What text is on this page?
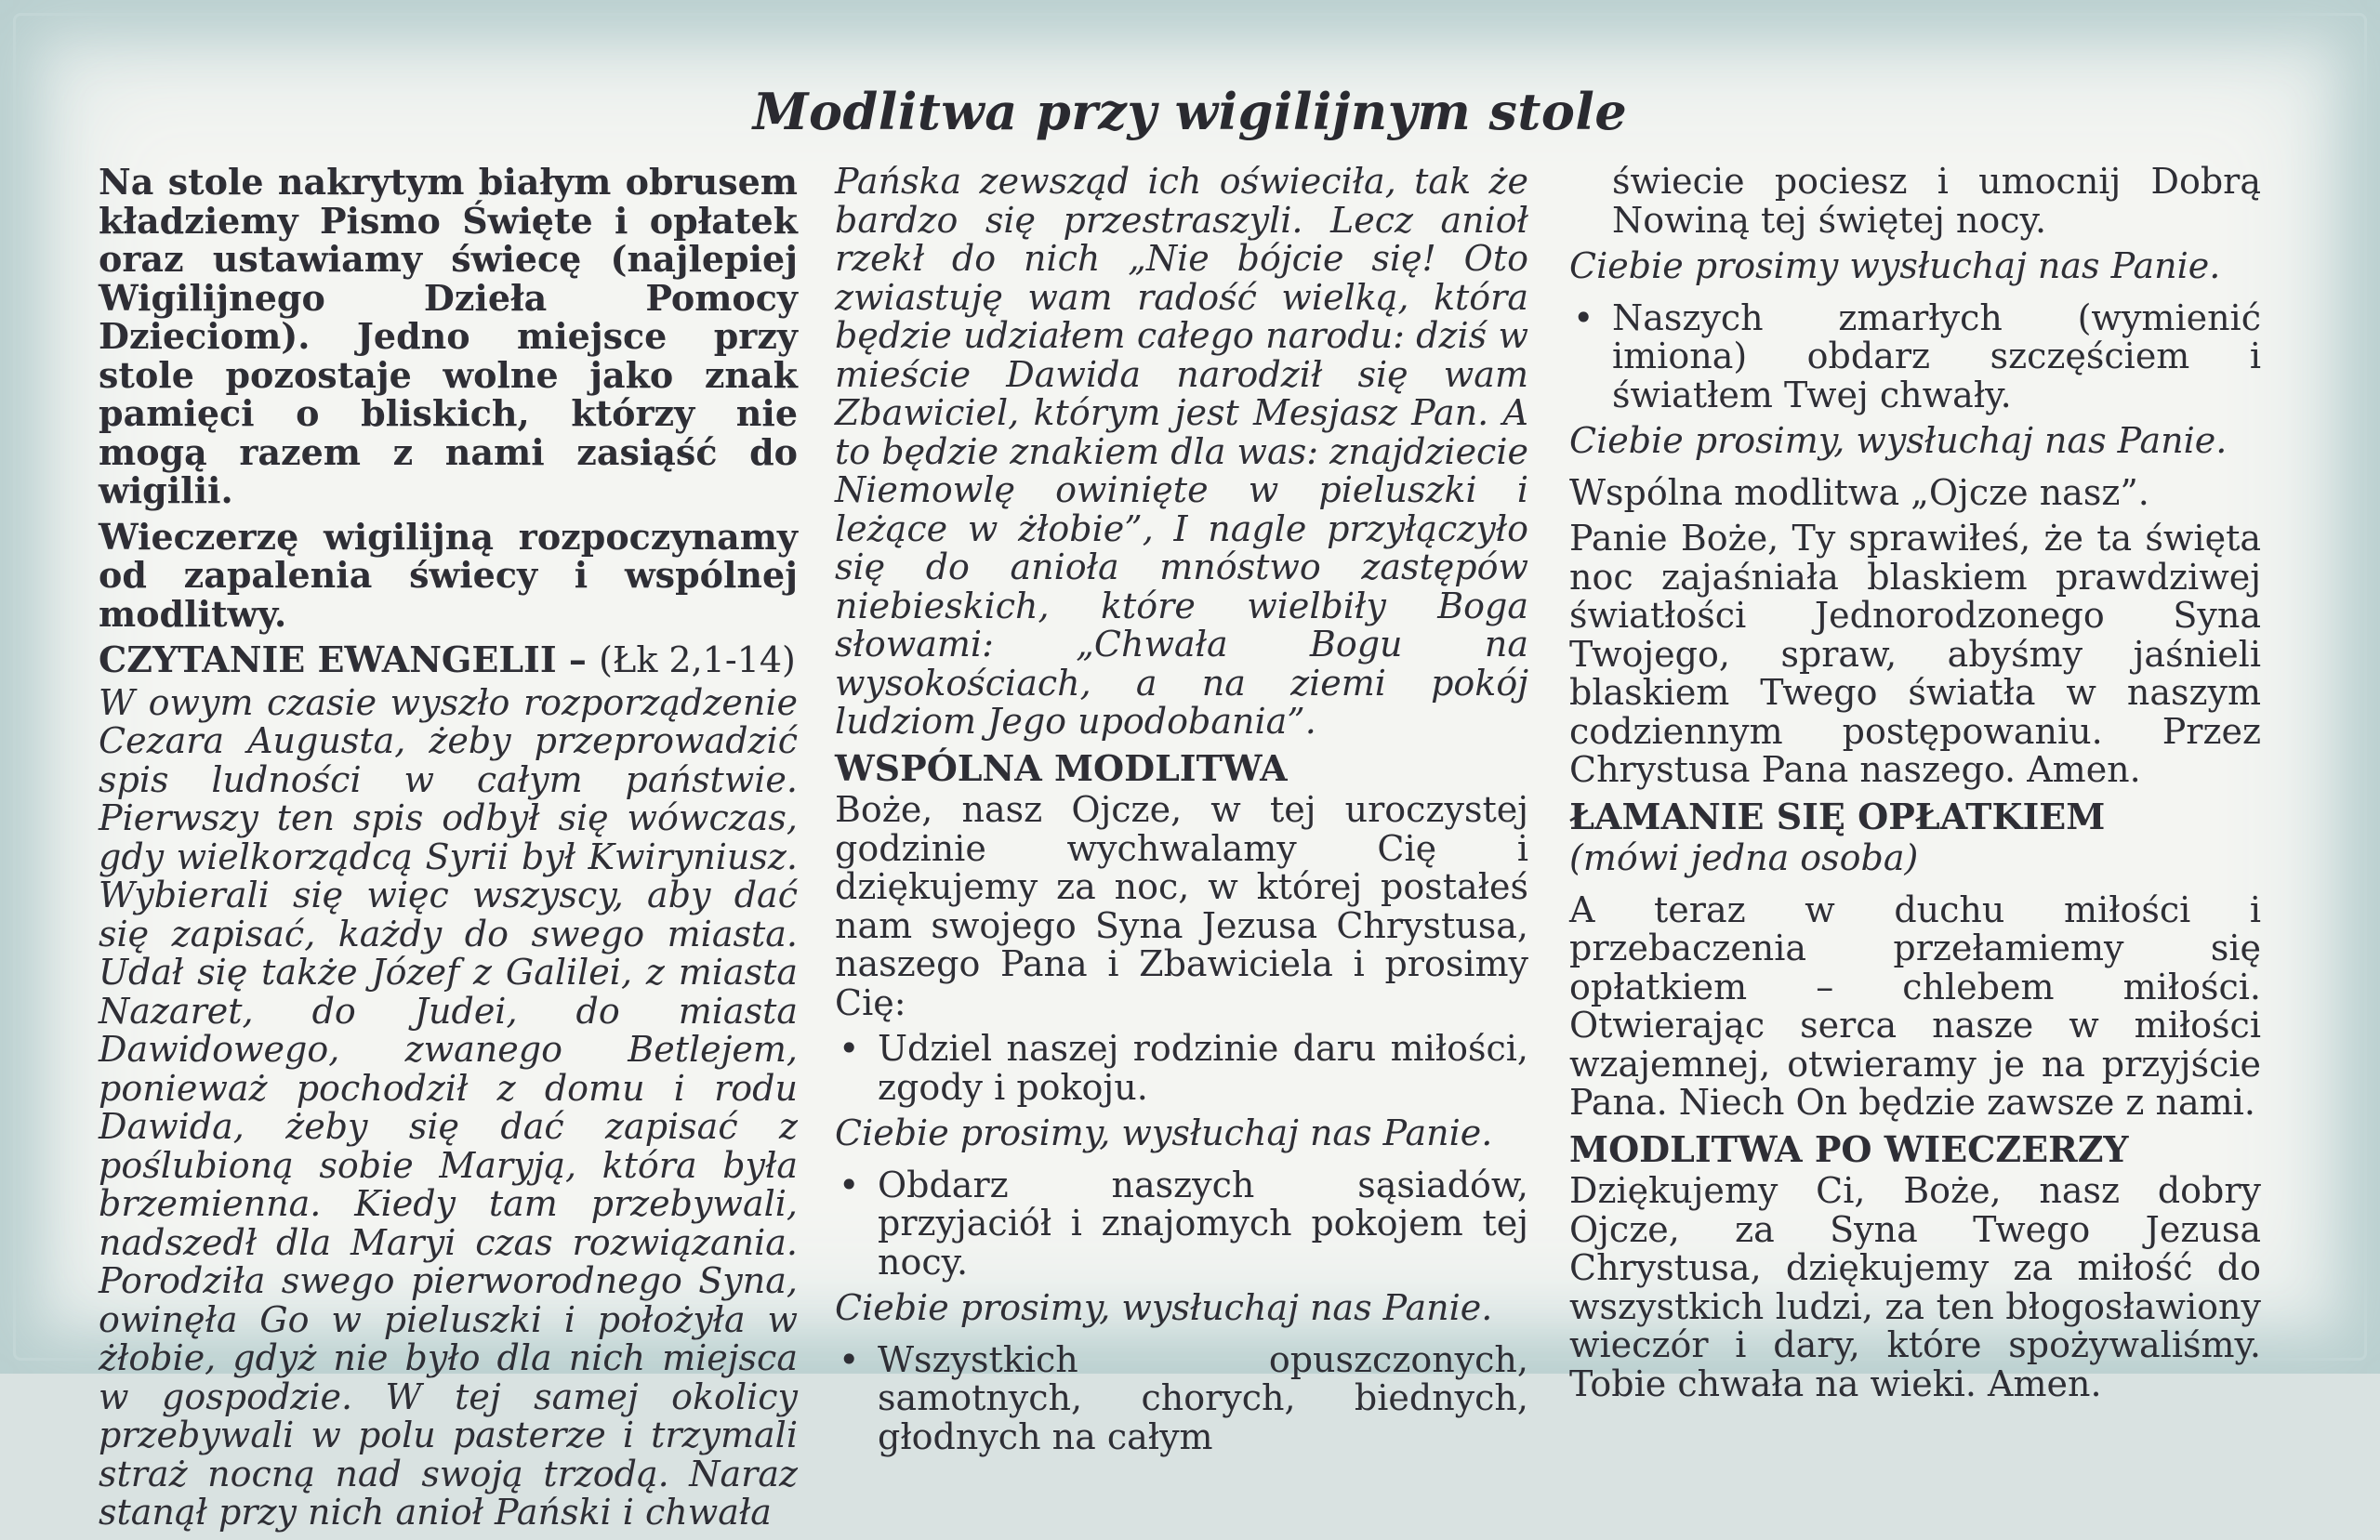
Modlitwa przy wigilijnym stole

Na stole nakrytym białym obrusem kładziemy Pismo Święte i opłatek oraz ustawiamy świecę (najlepiej Wigilijnego Dzieła Pomocy Dzieciom). Jedno miejsce przy stole pozostaje wolne jako znak pamięci o bliskich, którzy nie mogą razem z nami zasiąść do wigilii.

Wieczerzę wigilijną rozpoczynamy od zapalenia świecy i wspólnej modlitwy.

CZYTANIE EWANGELII – (Łk 2,1-14)

W owym czasie wyszło rozporządzenie Cezara Augusta, żeby przeprowadzić spis ludności w całym państwie. Pierwszy ten spis odbył się wówczas, gdy wielkorządcą Syrii był Kwiryniusz. Wybierali się więc wszyscy, aby dać się zapisać, każdy do swego miasta. Udał się także Józef z Galilei, z miasta Nazaret, do Judei, do miasta Dawidowego, zwanego Betlejem, ponieważ pochodził z domu i rodu Dawida, żeby się dać zapisać z poślubioną sobie Maryją, która była brzemienna. Kiedy tam przebywali, nadszedł dla Maryi czas rozwiązania. Porodziła swego pierworodnego Syna, owinęła Go w pieluszki i położyła w żłobie, gdyż nie było dla nich miejsca w gospodzie. W tej samej okolicy przebywali w polu pasterze i trzymali straż nocną nad swoją trzodą. Naraz stanął przy nich anioł Pański i chwała

Pańska zewsząd ich oświeciła, tak że bardzo się przestraszyli. Lecz anioł rzekł do nich „Nie bójcie się! Oto zwiastuję wam radość wielką, która będzie udziałem całego narodu: dziś w mieście Dawida narodził się wam Zbawiciel, którym jest Mesjasz Pan. A to będzie znakiem dla was: znajdziecie Niemowlę owinięte w pieluszki i leżące w żłobie”, I nagle przyłączyło się do anioła mnóstwo zastępów niebieskich, które wielbiły Boga słowami: „Chwała Bogu na wysokościach, a na ziemi pokój ludziom Jego upodobania”.

WSPÓLNA MODLITWA

Boże, nasz Ojcze, w tej uroczystej godzinie wychwalamy Cię i dziękujemy za noc, w której postałeś nam swojego Syna Jezusa Chrystusa, naszego Pana i Zbawiciela i prosimy Cię:

• Udziel naszej rodzinie daru miłości, zgody i pokoju.
Ciebie prosimy, wysłuchaj nas Panie.
• Obdarz naszych sąsiadów, przyjaciół i znajomych pokojem tej nocy.
Ciebie prosimy, wysłuchaj nas Panie.
• Wszystkich opuszczonych, samotnych, chorych, biednych, głodnych na całym

świecie pociesz i umocnij Dobrą Nowiną tej świętej nocy.

Ciebie prosimy wysłuchaj nas Panie.
• Naszych zmarłych (wymienić imiona) obdarz szczęściem i światłem Twej chwały.
Ciebie prosimy, wysłuchaj nas Panie.

Wspólna modlitwa „Ojcze nasz”.

Panie Boże, Ty sprawiłeś, że ta święta noc zajaśniała blaskiem prawdziwej światłości Jednorodzonego Syna Twojego, spraw, abyśmy jaśnieli blaskiem Twego światła w naszym codziennym postępowaniu. Przez Chrystusa Pana naszego. Amen.

ŁAMANIE SIĘ OPŁATKIEM
(mówi jedna osoba)

A teraz w duchu miłości i przebaczenia przełamiemy się opłatkiem – chlebem miłości. Otwierając serca nasze w miłości wzajemnej, otwieramy je na przyjście Pana. Niech On będzie zawsze z nami.

MODLITWA PO WIECZERZY

Dziękujemy Ci, Boże, nasz dobry Ojcze, za Syna Twego Jezusa Chrystusa, dziękujemy za miłość do wszystkich ludzi, za ten błogosławiony wieczór i dary, które spożywaliśmy. Tobie chwała na wieki. Amen.
